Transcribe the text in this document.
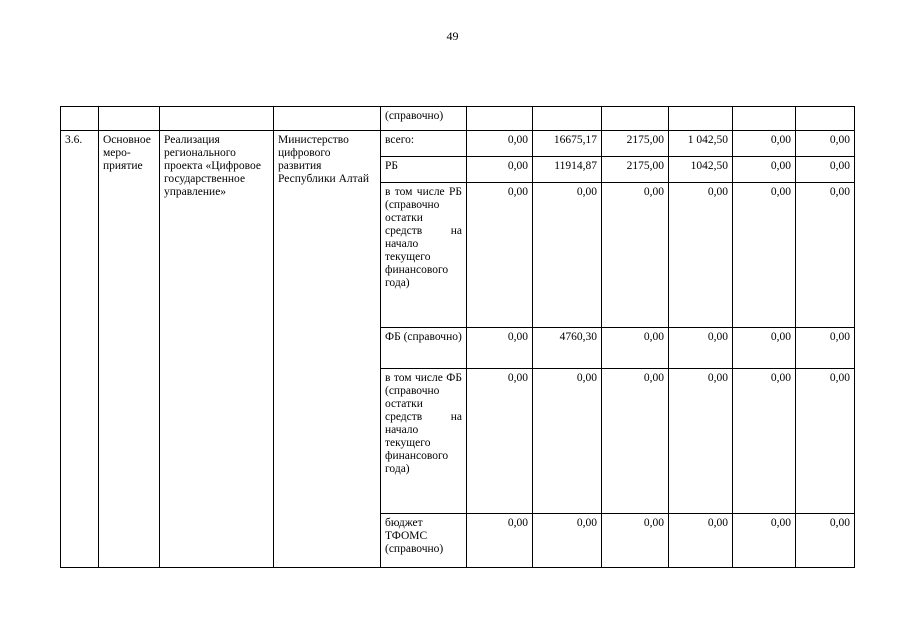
49
				(справочно)						
3.6.	Основное меро-приятие	Реализация регионального проекта «Цифровое государственное управление»	Министерство цифрового развития Республики Алтай	всего:	0,00	16675,17	2175,00	1 042,50	0,00	0,00
				РБ	0,00	11914,87	2175,00	1042,50	0,00	0,00
				в том числе РБ (справочно остатки средств на начало текущего финансового года)	0,00	0,00	0,00	0,00	0,00	0,00
				ФБ (справочно)	0,00	4760,30	0,00	0,00	0,00	0,00
				в том числе ФБ (справочно остатки средств на начало текущего финансового года)	0,00	0,00	0,00	0,00	0,00	0,00
				бюджет ТФОМС (справочно)	0,00	0,00	0,00	0,00	0,00	0,00
